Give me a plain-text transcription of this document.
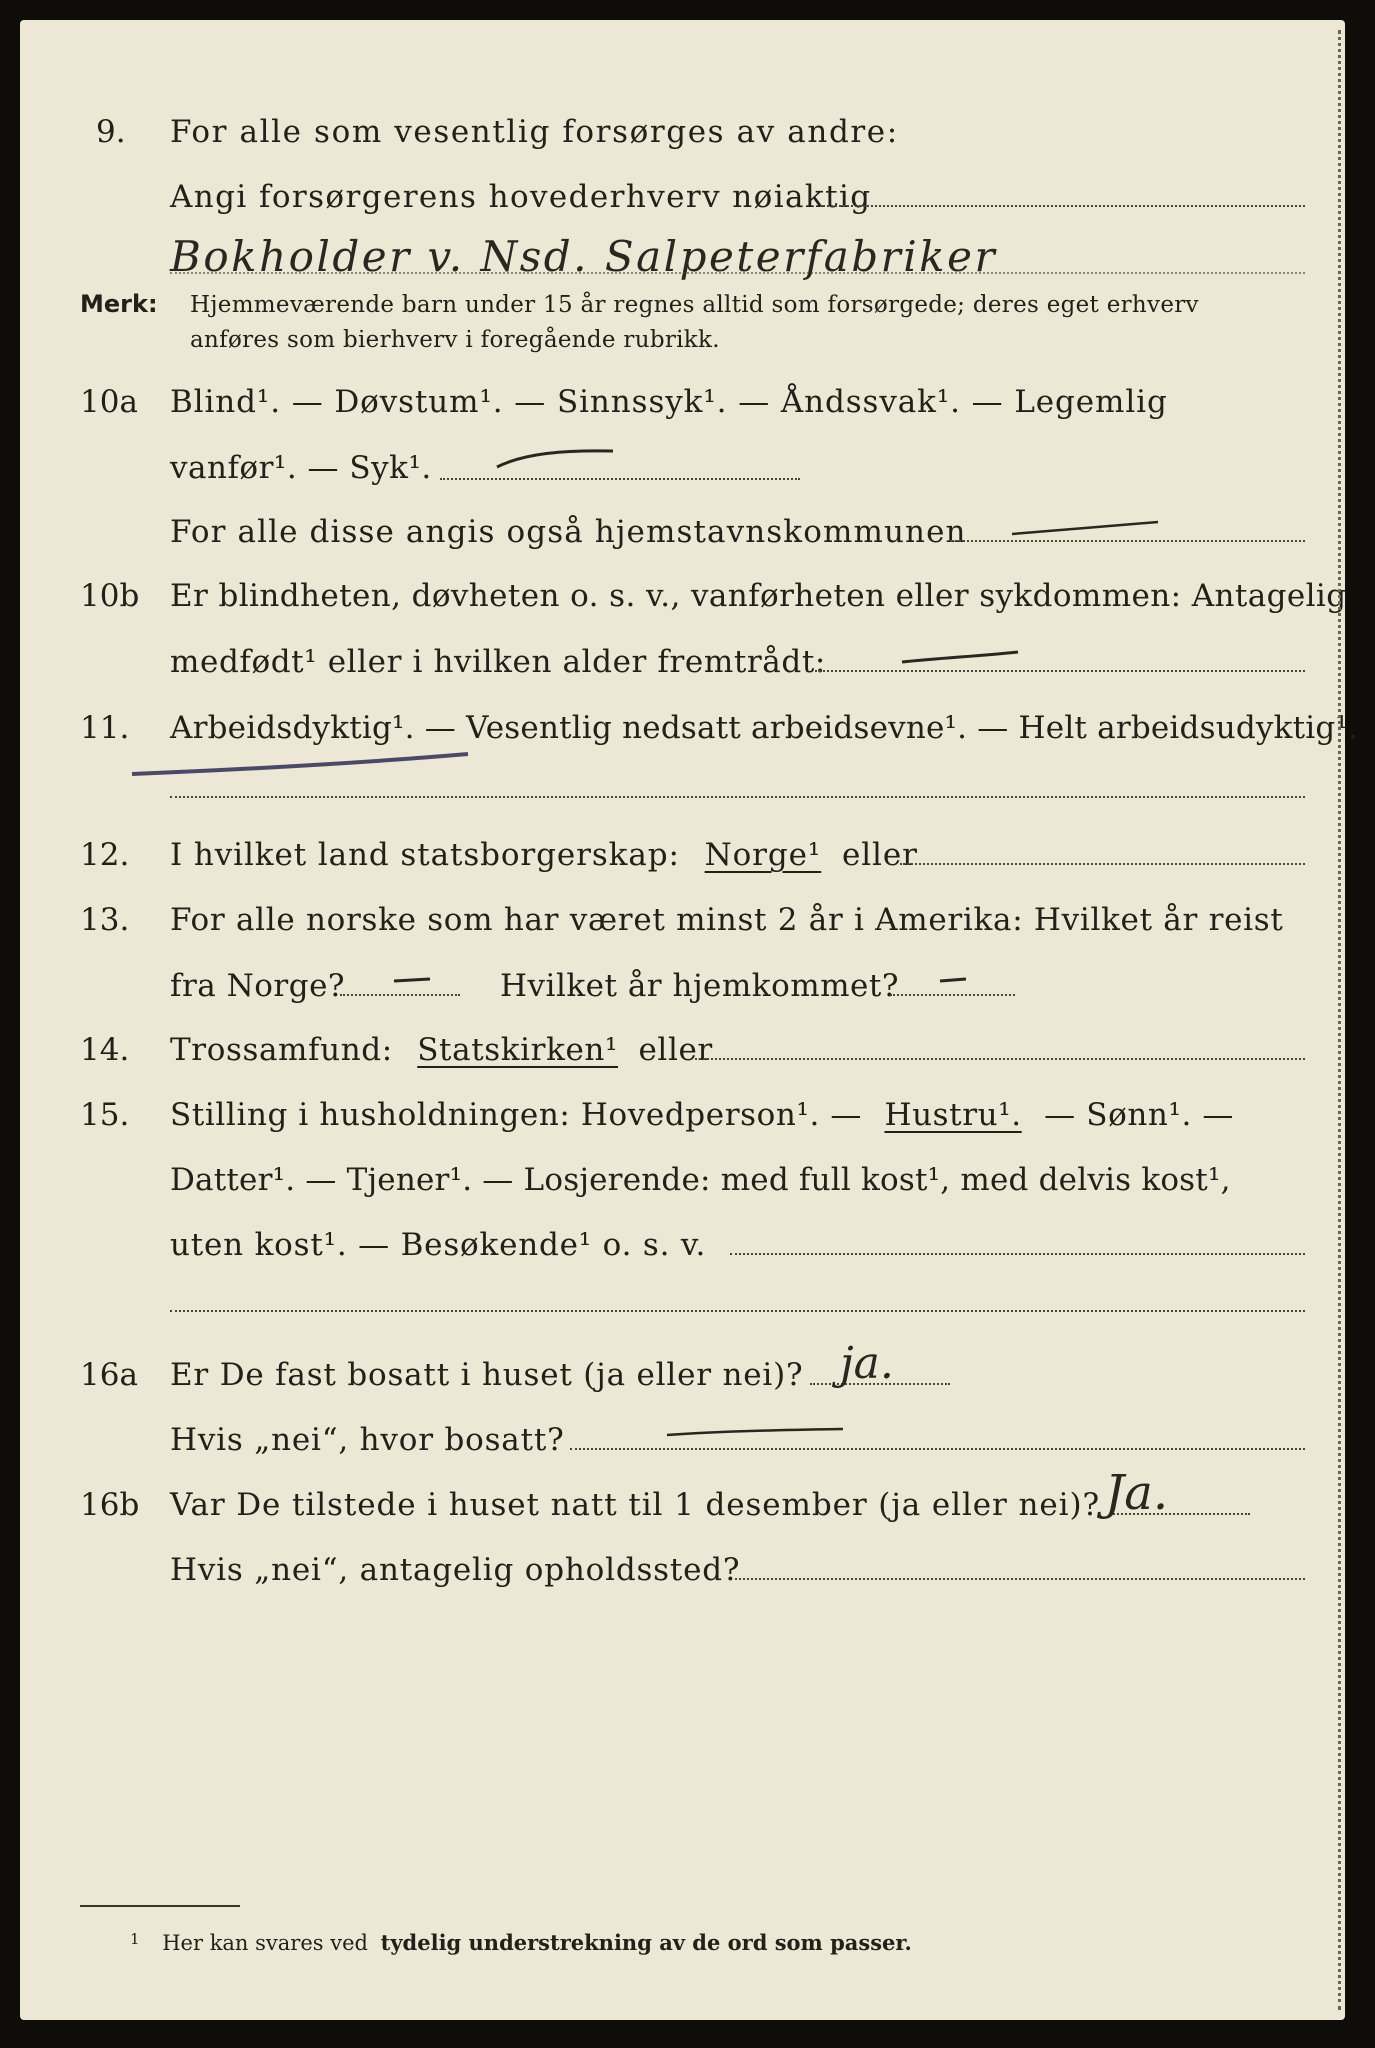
9. For alle som vesentlig forsørges av andre:
Angi forsørgerens hovederhverv nøiaktig
Bokholder v. Nsd. Salpeterfabriker
Merk: Hjemmeværende barn under 15 år regnes alltid som forsørgede; deres eget erhverv
anføres som bierhverv i foregående rubrikk.
10a Blind¹. — Døvstum¹. — Sinnssyk¹. — Åndssvak¹. — Legemlig
vanfør¹. — Syk¹.
For alle disse angis også hjemstavnskommunen
10b Er blindheten, døvheten o. s. v., vanførheten eller sykdommen: Antagelig
medfødt¹ eller i hvilken alder fremtrådt:
11. Arbeidsdyktig¹. — Vesentlig nedsatt arbeidsevne¹. — Helt arbeidsudyktig¹.
12. I hvilket land statsborgerskap: Norge¹ eller
13. For alle norske som har været minst 2 år i Amerika: Hvilket år reist
fra Norge?	Hvilket år hjemkommet?
14. Trossamfund: Statskirken¹ eller
15. Stilling i husholdningen: Hovedperson¹. — Hustru¹. — Sønn¹. —
Datter¹. — Tjener¹. — Losjerende: med full kost¹, med delvis kost¹,
uten kost¹. — Besøkende¹ o. s. v.
16a Er De fast bosatt i huset (ja eller nei)? ja.
Hvis „nei“, hvor bosatt?
16b Var De tilstede i huset natt til 1 desember (ja eller nei)? Ja.
Hvis „nei“, antagelig opholdssted?
$^1$ Her kan svares ved tydelig understrekning av de ord som passer.
